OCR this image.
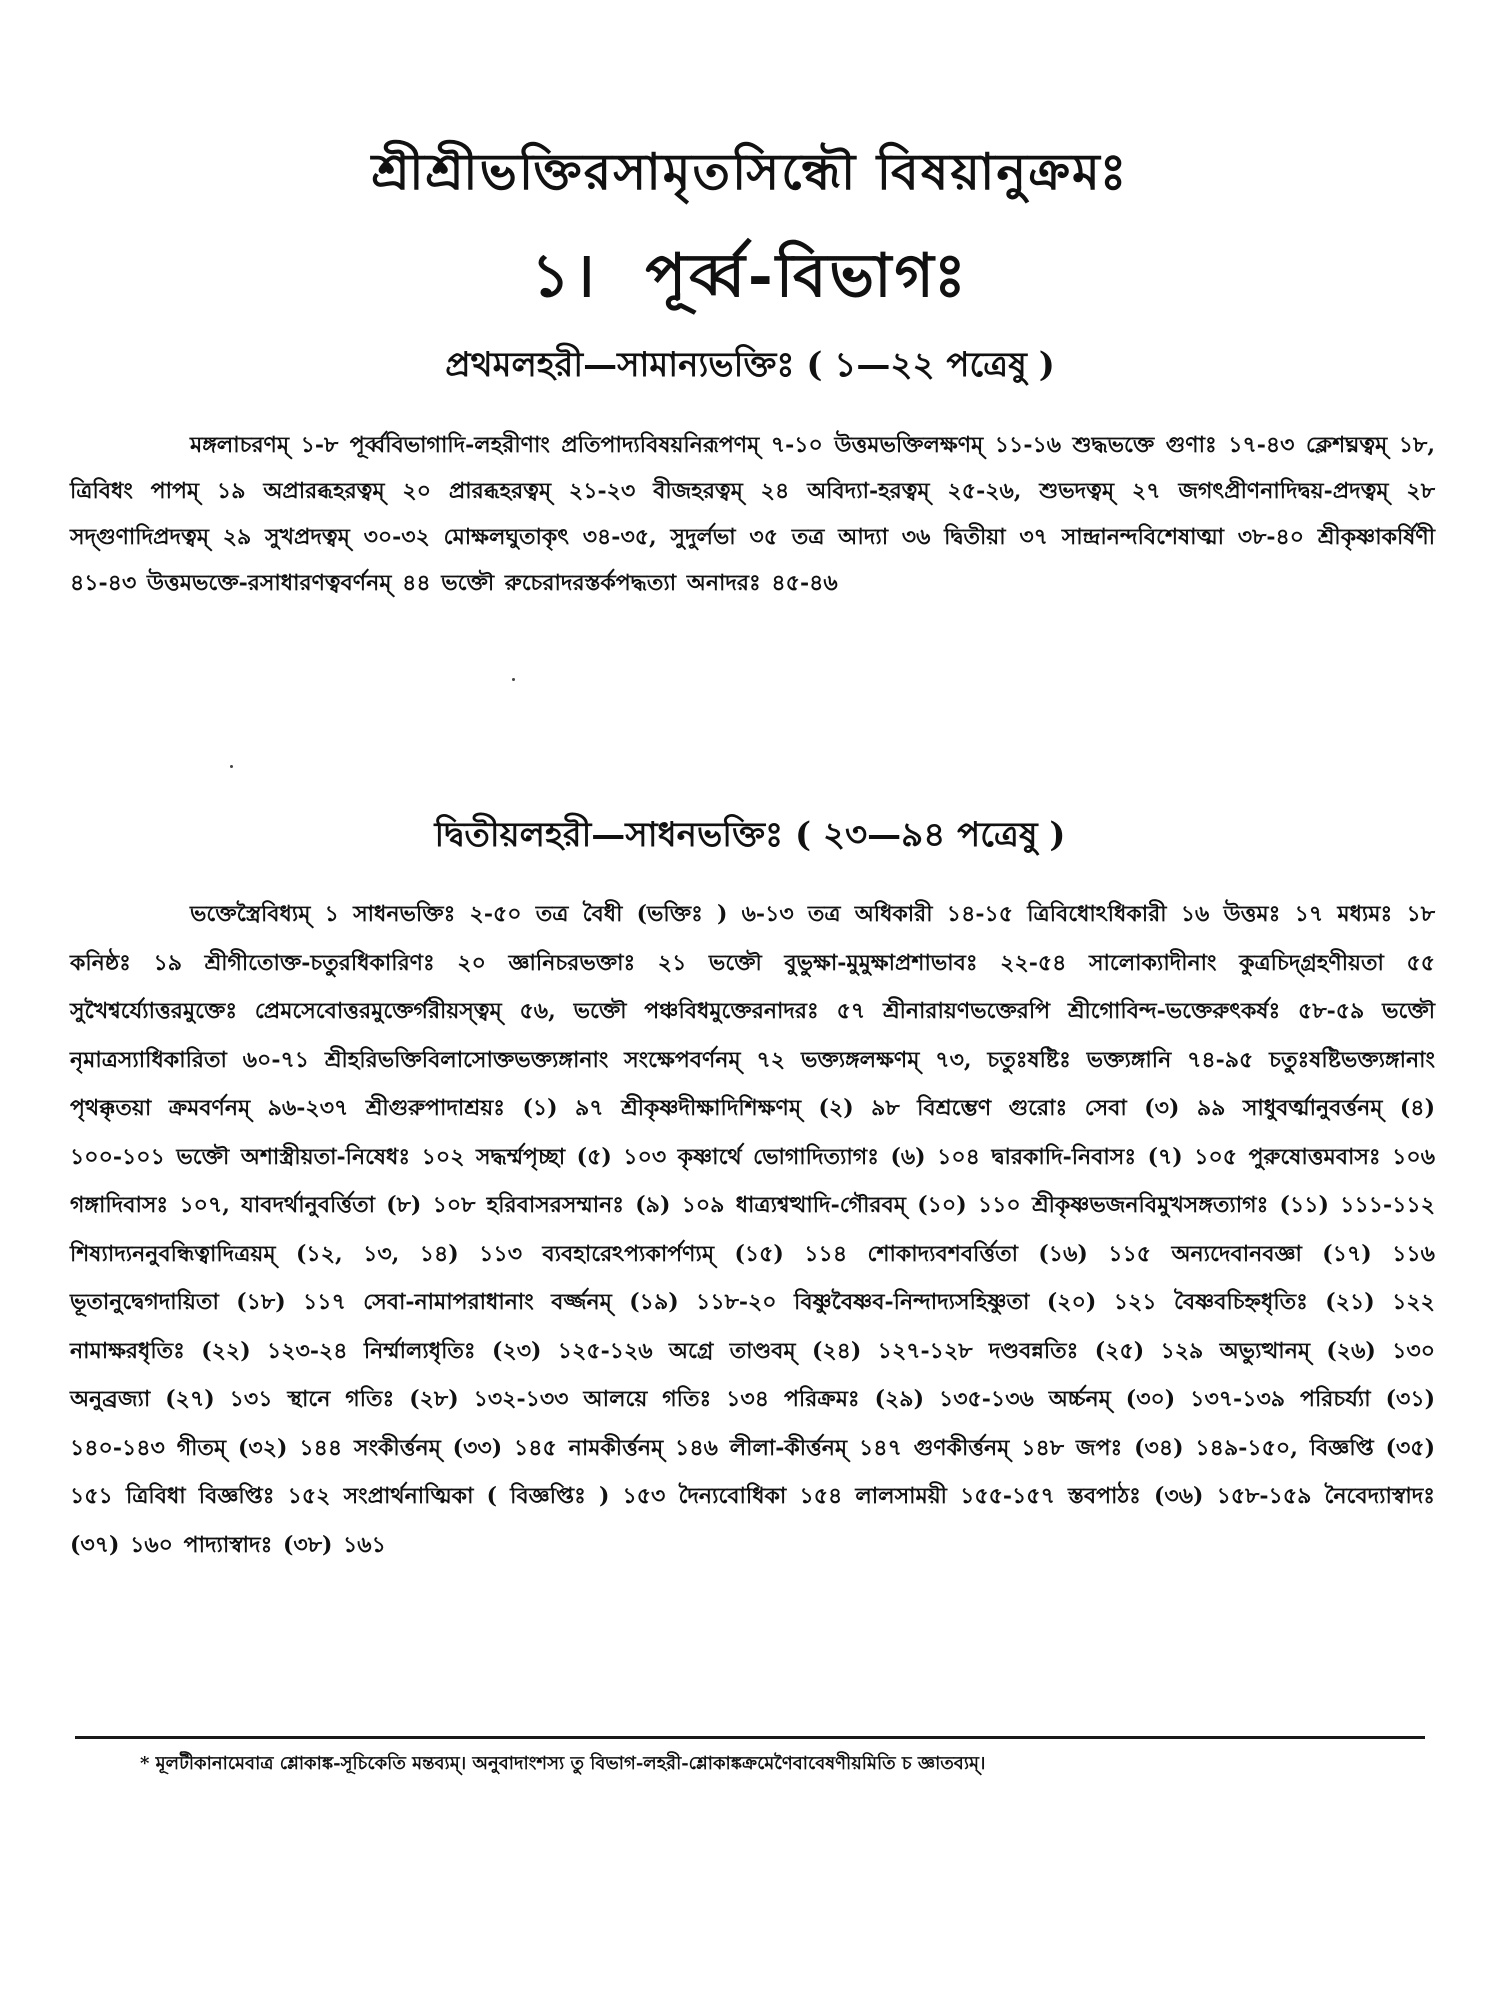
শ্রীশ্রীভক্তিরসামৃতসিন্ধৌ বিষয়ানুক্রমঃ
১। পূর্ব্ব-বিভাগঃ
প্রথমলহরী—সামান্যভক্তিঃ ( ১—২২ পত্রেষু )

মঙ্গলাচরণম্ ১-৮ পূর্ব্ববিভাগাদি-লহরীণাং প্রতিপাদ্যবিষয়নিরূপণম্ ৭-১০ উত্তমভক্তিলক্ষণম্ ১১-১৬ শুদ্ধভক্তে গুণাঃ ১৭-৪৩ ক্লেশঘ্নত্বম্ ১৮, ত্রিবিধং পাপম্ ১৯ অপ্রারব্ধহরত্বম্ ২০ প্রারব্ধহরত্বম্ ২১-২৩ বীজহরত্বম্ ২৪ অবিদ্যা-হরত্বম্ ২৫-২৬, শুভদত্বম্ ২৭ জগৎপ্রীণনাদিদ্বয়-প্রদত্বম্ ২৮ সদ্গুণাদিপ্রদত্বম্ ২৯ সুখপ্রদত্বম্ ৩০-৩২ মোক্ষলঘুতাকৃৎ ৩৪-৩৫, সুদুর্লভা ৩৫ তত্র আদ্যা ৩৬ দ্বিতীয়া ৩৭ সান্দ্রানন্দবিশেষাত্মা ৩৮-৪০ শ্রীকৃষ্ণাকর্ষিণী ৪১-৪৩ উত্তমভক্তে-রসাধারণত্ববর্ণনম্ ৪৪ ভক্তৌ রুচেরাদরস্তর্কপদ্ধত্যা অনাদরঃ ৪৫-৪৬

দ্বিতীয়লহরী—সাধনভক্তিঃ ( ২৩—৯৪ পত্রেষু )

ভক্তেস্ত্রৈবিধ্যম্ ১ সাধনভক্তিঃ ২-৫০ তত্র বৈধী (ভক্তিঃ ) ৬-১৩ তত্র অধিকারী ১৪-১৫ ত্রিবিধোঽধিকারী ১৬ উত্তমঃ ১৭ মধ্যমঃ ১৮ কনিষ্ঠঃ ১৯ শ্রীগীতোক্ত-চতুরধিকারিণঃ ২০ জ্ঞানিচরভক্তাঃ ২১ ভক্তৌ বুভুক্ষা-মুমুক্ষাপ্রশাভাবঃ ২২-৫৪ সালোক্যাদীনাং কুত্রচিদ্গ্রহণীয়তা ৫৫ সুখৈশ্বর্য্যোত্তরমুক্তেঃ প্রেমসেবোত্তরমুক্তের্গরীয়স্ত্বম্ ৫৬, ভক্তৌ পঞ্চবিধমুক্তেরনাদরঃ ৫৭ শ্রীনারায়ণভক্তেরপি শ্রীগোবিন্দ-ভক্তেরুৎকর্ষঃ ৫৮-৫৯ ভক্তৌ নৃমাত্রস্যাধিকারিতা ৬০-৭১ শ্রীহরিভক্তিবিলাসোক্তভক্ত্যঙ্গানাং সংক্ষেপবর্ণনম্ ৭২ ভক্ত্যঙ্গলক্ষণম্ ৭৩, চতুঃষষ্টিঃ ভক্ত্যঙ্গানি ৭৪-৯৫ চতুঃষষ্টিভক্ত্যঙ্গানাং পৃথক্কৃতয়া ক্রমবর্ণনম্ ৯৬-২৩৭ শ্রীগুরুপাদাশ্রয়ঃ (১) ৯৭ শ্রীকৃষ্ণদীক্ষাদিশিক্ষণম্ (২) ৯৮ বিশ্রম্ভেণ গুরোঃ সেবা (৩) ৯৯ সাধুবর্ত্মানুবর্ত্তনম্ (৪) ১০০-১০১ ভক্তৌ অশাস্ত্রীয়তা-নিষেধঃ ১০২ সদ্ধর্ম্মপৃচ্ছা (৫) ১০৩ কৃষ্ণার্থে ভোগাদিত্যাগঃ (৬) ১০৪ দ্বারকাদি-নিবাসঃ (৭) ১০৫ পুরুষোত্তমবাসঃ ১০৬ গঙ্গাদিবাসঃ ১০৭, যাবদর্থানুবর্ত্তিতা (৮) ১০৮ হরিবাসরসম্মানঃ (৯) ১০৯ ধাত্র্যশ্বত্থাদি-গৌরবম্ (১০) ১১০ শ্রীকৃষ্ণভজনবিমুখসঙ্গত্যাগঃ (১১) ১১১-১১২ শিষ্যাদ্যননুবন্ধিত্বাদিত্রয়ম্ (১২, ১৩, ১৪) ১১৩ ব্যবহারেঽপ্যকার্পণ্যম্ (১৫) ১১৪ শোকাদ্যবশবর্ত্তিতা (১৬) ১১৫ অন্যদেবানবজ্ঞা (১৭) ১১৬ ভূতানুদ্বেগদায়িতা (১৮) ১১৭ সেবা-নামাপরাধানাং বর্জ্জনম্ (১৯) ১১৮-২০ বিষ্ণুবৈষ্ণব-নিন্দাদ্যসহিষ্ণুতা (২০) ১২১ বৈষ্ণবচিহ্নধৃতিঃ (২১) ১২২ নামাক্ষরধৃতিঃ (২২) ১২৩-২৪ নির্ম্মাল্যধৃতিঃ (২৩) ১২৫-১২৬ অগ্রে তাণ্ডবম্ (২৪) ১২৭-১২৮ দণ্ডবন্নতিঃ (২৫) ১২৯ অভ্যুত্থানম্ (২৬) ১৩০ অনুব্রজ্যা (২৭) ১৩১ স্থানে গতিঃ (২৮) ১৩২-১৩৩ আলয়ে গতিঃ ১৩৪ পরিক্রমঃ (২৯) ১৩৫-১৩৬ অর্চ্চনম্ (৩০) ১৩৭-১৩৯ পরিচর্য্যা (৩১) ১৪০-১৪৩ গীতম্ (৩২) ১৪৪ সংকীর্ত্তনম্ (৩৩) ১৪৫ নামকীর্ত্তনম্ ১৪৬ লীলা-কীর্ত্তনম্ ১৪৭ গুণকীর্ত্তনম্ ১৪৮ জপঃ (৩৪) ১৪৯-১৫০, বিজ্ঞপ্তি (৩৫) ১৫১ ত্রিবিধা বিজ্ঞপ্তিঃ ১৫২ সংপ্রার্থনাত্মিকা ( বিজ্ঞপ্তিঃ ) ১৫৩ দৈন্যবোধিকা ১৫৪ লালসাময়ী ১৫৫-১৫৭ স্তবপাঠঃ (৩৬) ১৫৮-১৫৯ নৈবেদ্যাস্বাদঃ (৩৭) ১৬০ পাদ্যাস্বাদঃ (৩৮) ১৬১

* মূলটীকানামেবাত্র শ্লোকাঙ্ক-সূচিকেতি মন্তব্যম্। অনুবাদাংশস্য তু বিভাগ-লহরী-শ্লোকাঙ্কক্রমেণৈবাবেষণীয়মিতি চ জ্ঞাতব্যম্।
